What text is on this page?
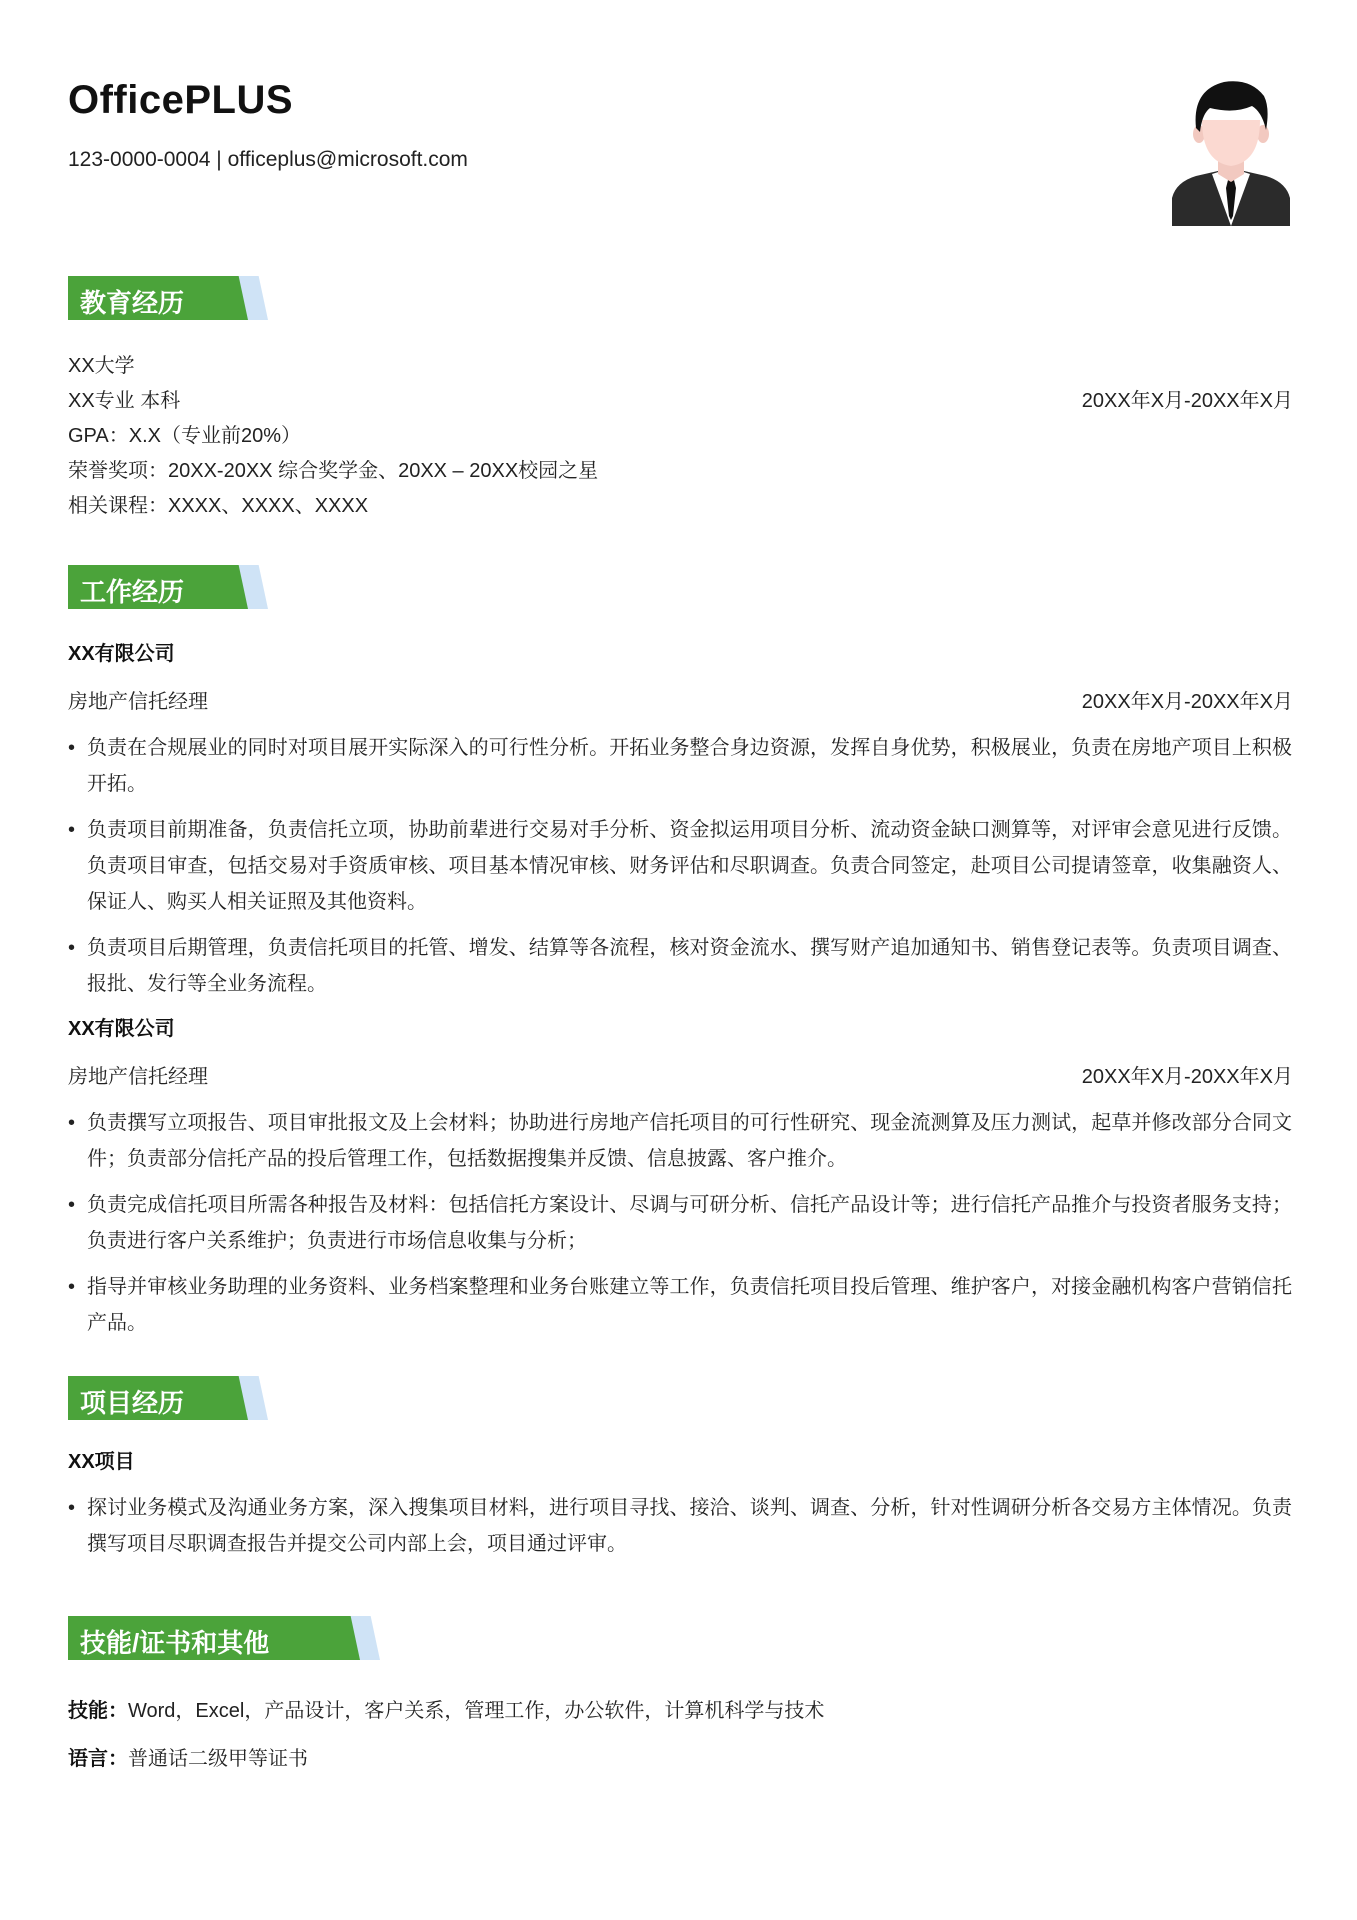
OfficePLUS
123-0000-0004 | officeplus@microsoft.com
教育经历
XX大学
XX专业 本科	20XX年X月-20XX年X月
GPA：X.X（专业前20%）
荣誉奖项：20XX-20XX 综合奖学金、20XX – 20XX校园之星
相关课程：XXXX、XXXX、XXXX
工作经历
XX有限公司
房地产信托经理	20XX年X月-20XX年X月
• 负责在合规展业的同时对项目展开实际深入的可行性分析。开拓业务整合身边资源，发挥自身优势，积极展业，负责在房地产项目上积极开拓。
• 负责项目前期准备，负责信托立项，协助前辈进行交易对手分析、资金拟运用项目分析、流动资金缺口测算等，对评审会意见进行反馈。负责项目审查，包括交易对手资质审核、项目基本情况审核、财务评估和尽职调查。负责合同签定，赴项目公司提请签章，收集融资人、保证人、购买人相关证照及其他资料。
• 负责项目后期管理，负责信托项目的托管、增发、结算等各流程，核对资金流水、撰写财产追加通知书、销售登记表等。负责项目调查、报批、发行等全业务流程。
XX有限公司
房地产信托经理	20XX年X月-20XX年X月
• 负责撰写立项报告、项目审批报文及上会材料；协助进行房地产信托项目的可行性研究、现金流测算及压力测试，起草并修改部分合同文件；负责部分信托产品的投后管理工作，包括数据搜集并反馈、信息披露、客户推介。
• 负责完成信托项目所需各种报告及材料：包括信托方案设计、尽调与可研分析、信托产品设计等；进行信托产品推介与投资者服务支持；负责进行客户关系维护；负责进行市场信息收集与分析；
• 指导并审核业务助理的业务资料、业务档案整理和业务台账建立等工作，负责信托项目投后管理、维护客户，对接金融机构客户营销信托产品。
项目经历
XX项目
• 探讨业务模式及沟通业务方案，深入搜集项目材料，进行项目寻找、接洽、谈判、调查、分析，针对性调研分析各交易方主体情况。负责撰写项目尽职调查报告并提交公司内部上会，项目通过评审。
技能/证书和其他
技能：Word，Excel，产品设计，客户关系，管理工作，办公软件，计算机科学与技术
语言：普通话二级甲等证书
